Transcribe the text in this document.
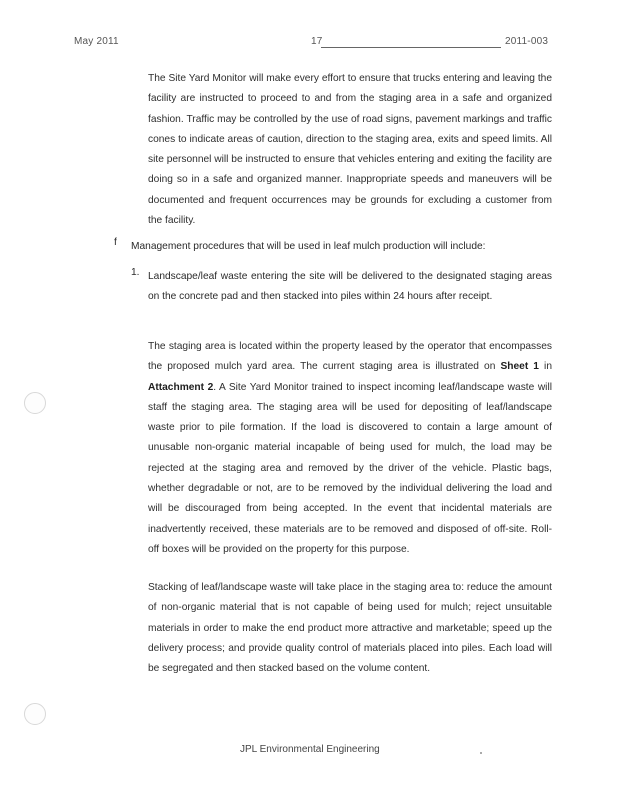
May 2011	17	2011-003

The Site Yard Monitor will make every effort to ensure that trucks entering and leaving the facility are instructed to proceed to and from the staging area in a safe and organized fashion. Traffic may be controlled by the use of road signs, pavement markings and traffic cones to indicate areas of caution, direction to the staging area, exits and speed limits. All site personnel will be instructed to ensure that vehicles entering and exiting the facility are doing so in a safe and organized manner. Inappropriate speeds and maneuvers will be documented and frequent occurrences may be grounds for excluding a customer from the facility.

f Management procedures that will be used in leaf mulch production will include:
1. Landscape/leaf waste entering the site will be delivered to the designated staging areas on the concrete pad and then stacked into piles within 24 hours after receipt.

The staging area is located within the property leased by the operator that encompasses the proposed mulch yard area. The current staging area is illustrated on Sheet 1 in Attachment 2. A Site Yard Monitor trained to inspect incoming leaf/landscape waste will staff the staging area. The staging area will be used for depositing of leaf/landscape waste prior to pile formation. If the load is discovered to contain a large amount of unusable non-organic material incapable of being used for mulch, the load may be rejected at the staging area and removed by the driver of the vehicle. Plastic bags, whether degradable or not, are to be removed by the individual delivering the load and will be discouraged from being accepted. In the event that incidental materials are inadvertently received, these materials are to be removed and disposed of off-site. Roll-off boxes will be provided on the property for this purpose.

Stacking of leaf/landscape waste will take place in the staging area to: reduce the amount of non-organic material that is not capable of being used for mulch; reject unsuitable materials in order to make the end product more attractive and marketable; speed up the delivery process; and provide quality control of materials placed into piles. Each load will be segregated and then stacked based on the volume content.

JPL Environmental Engineering
